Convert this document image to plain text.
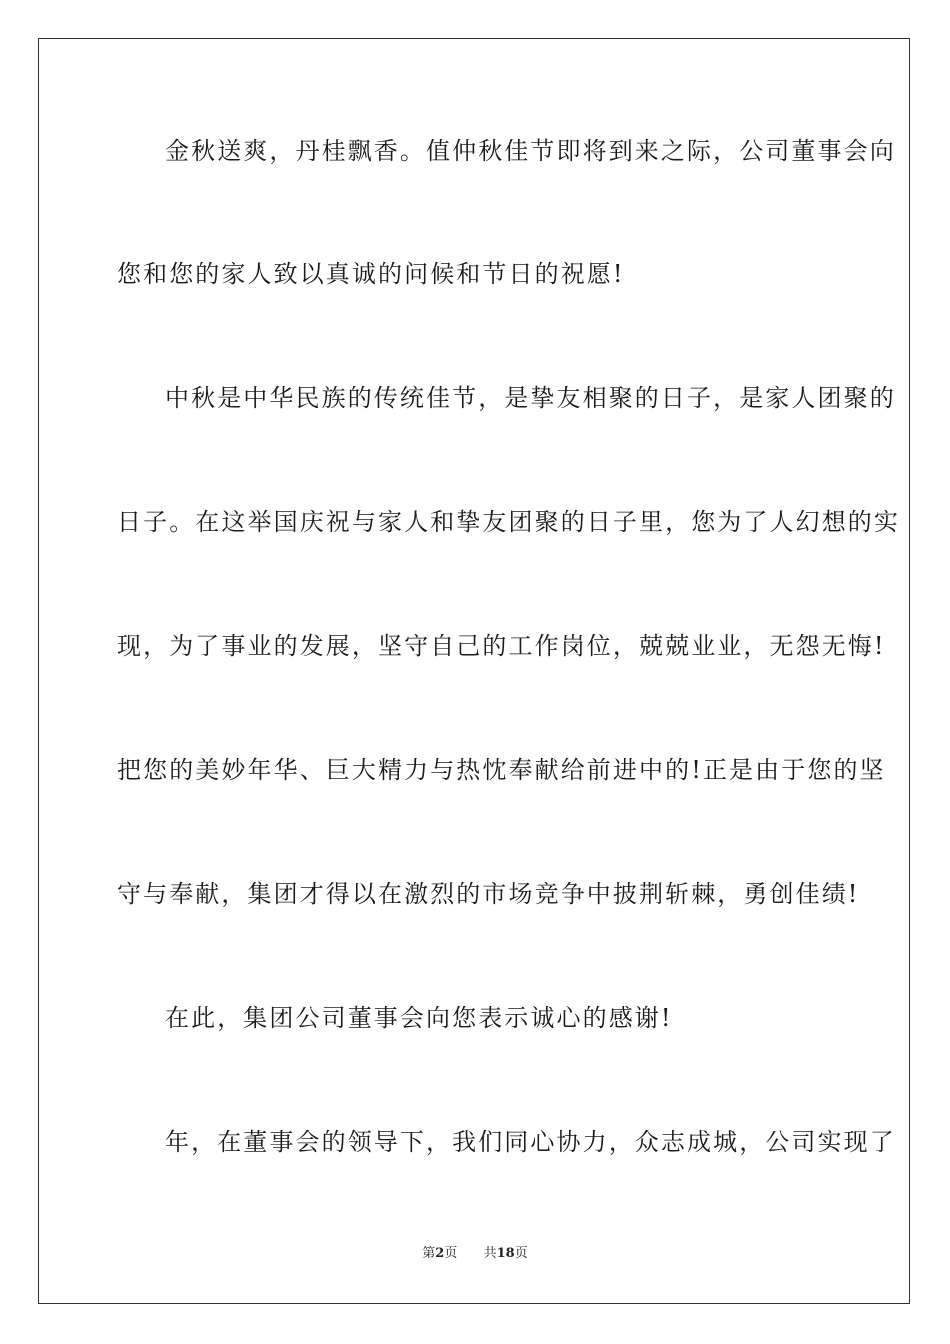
金秋送爽，丹桂飘香。值仲秋佳节即将到来之际，公司董事会向
您和您的家人致以真诚的问候和节日的祝愿!
中秋是中华民族的传统佳节，是挚友相聚的日子，是家人团聚的
日子。在这举国庆祝与家人和挚友团聚的日子里，您为了人幻想的实
现，为了事业的发展，坚守自己的工作岗位，兢兢业业，无怨无悔!
把您的美妙年华、巨大精力与热忱奉献给前进中的!正是由于您的坚
守与奉献，集团才得以在激烈的市场竞争中披荆斩棘，勇创佳绩!
在此，集团公司董事会向您表示诚心的感谢!
年，在董事会的领导下，我们同心协力，众志成城，公司实现了
第2页 共18页
